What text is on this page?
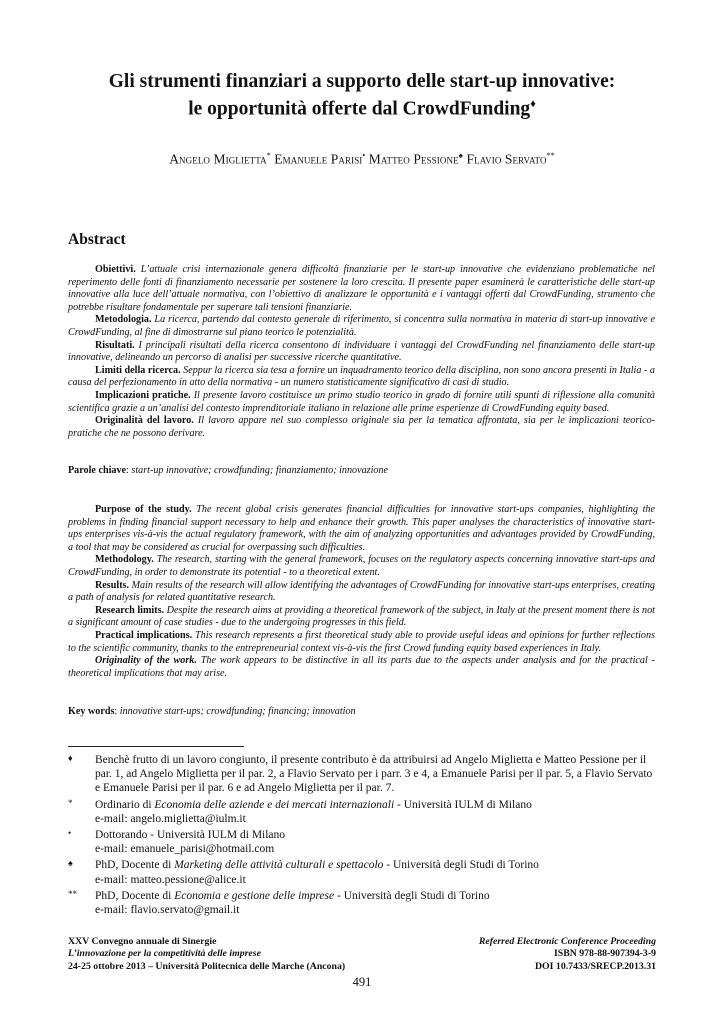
Gli strumenti finanziari a supporto delle start-up innovative:
le opportunità offerte dal CrowdFunding♦
Angelo Miglietta* Emanuele Parisi• Matteo Pessione♠ Flavio Servato**
Abstract

Obiettivi. L’attuale crisi internazionale genera difficoltà finanziarie per le start-up innovative che evidenziano problematiche nel reperimento delle fonti di finanziamento necessarie per sostenere la loro crescita. Il presente paper esaminerà le caratteristiche delle start-up innovative alla luce dell’attuale normativa, con l’obiettivo di analizzare le opportunità e i vantaggi offerti dal CrowdFunding, strumento che potrebbe risultare fondamentale per superare tali tensioni finanziarie.

Metodologia. La ricerca, partendo dal contesto generale di riferimento, si concentra sulla normativa in materia di start-up innovative e CrowdFunding, al fine di dimostrarne sul piano teorico le potenzialità.

Risultati. I principali risultati della ricerca consentono di individuare i vantaggi del CrowdFunding nel finanziamento delle start-up innovative, delineando un percorso di analisi per successive ricerche quantitative.

Limiti della ricerca. Seppur la ricerca sia tesa a fornire un inquadramento teorico della disciplina, non sono ancora presenti in Italia - a causa del perfezionamento in atto della normativa - un numero statisticamente significativo di casi di studio.

Implicazioni pratiche. Il presente lavoro costituisce un primo studio teorico in grado di fornire utili spunti di riflessione alla comunità scientifica grazie a un’analisi del contesto imprenditoriale italiano in relazione alle prime esperienze di CrowdFunding equity based.

Originalità del lavoro. Il lavoro appare nel suo complesso originale sia per la tematica affrontata, sia per le implicazioni teorico-pratiche che ne possono derivare.

Parole chiave: start-up innovative; crowdfunding; finanziamento; innovazione

Purpose of the study. The recent global crisis generates financial difficulties for innovative start-ups companies, highlighting the problems in finding financial support necessary to help and enhance their growth. This paper analyses the characteristics of innovative start-ups enterprises vis-à-vis the actual regulatory framework, with the aim of analyzing opportunities and advantages provided by CrowdFunding, a tool that may be considered as crucial for overpassing such difficulties.

Methodology. The research, starting with the general framework, focuses on the regulatory aspects concerning innovative start-ups and CrowdFunding, in order to demonstrate its potential - to a theoretical extent.

Results. Main results of the research will allow identifying the advantages of CrowdFunding for innovative start-ups enterprises, creating a path of analysis for related quantitative research.

Research limits. Despite the research aims at providing a theoretical framework of the subject, in Italy at the present moment there is not a significant amount of case studies - due to the undergoing progresses in this field.

Practical implications. This research represents a first theoretical study able to provide useful ideas and opinions for further reflections to the scientific community, thanks to the entrepreneurial context vis-à-vis the first Crowd funding equity based experiences in Italy.

Originality of the work. The work appears to be distinctive in all its parts due to the aspects under analysis and for the practical - theoretical implications that may arise.

Key words: innovative start-ups; crowdfunding; financing; innovation
♦ Benchè frutto di un lavoro congiunto, il presente contributo è da attribuirsi ad Angelo Miglietta e Matteo Pessione per il par. 1, ad Angelo Miglietta per il par. 2, a Flavio Servato per i parr. 3 e 4, a Emanuele Parisi per il par. 5, a Flavio Servato e Emanuele Parisi per il par. 6 e ad Angelo Miglietta per il par. 7.
* Ordinario di Economia delle aziende e dei mercati internazionali - Università IULM di Milano
e-mail: angelo.miglietta@iulm.it
• Dottorando - Università IULM di Milano
e-mail: emanuele_parisi@hotmail.com
♠ PhD, Docente di Marketing delle attività culturali e spettacolo - Università degli Studi di Torino
e-mail: matteo.pessione@alice.it
** PhD, Docente di Economia e gestione delle imprese - Università degli Studi di Torino
e-mail: flavio.servato@gmail.it
XXV Convegno annuale di Sinergie
L’innovazione per la competitività delle imprese
24-25 ottobre 2013 – Università Politecnica delle Marche (Ancona)
Referred Electronic Conference Proceeding
ISBN 978-88-907394-3-9
DOI 10.7433/SRECP.2013.31
491
